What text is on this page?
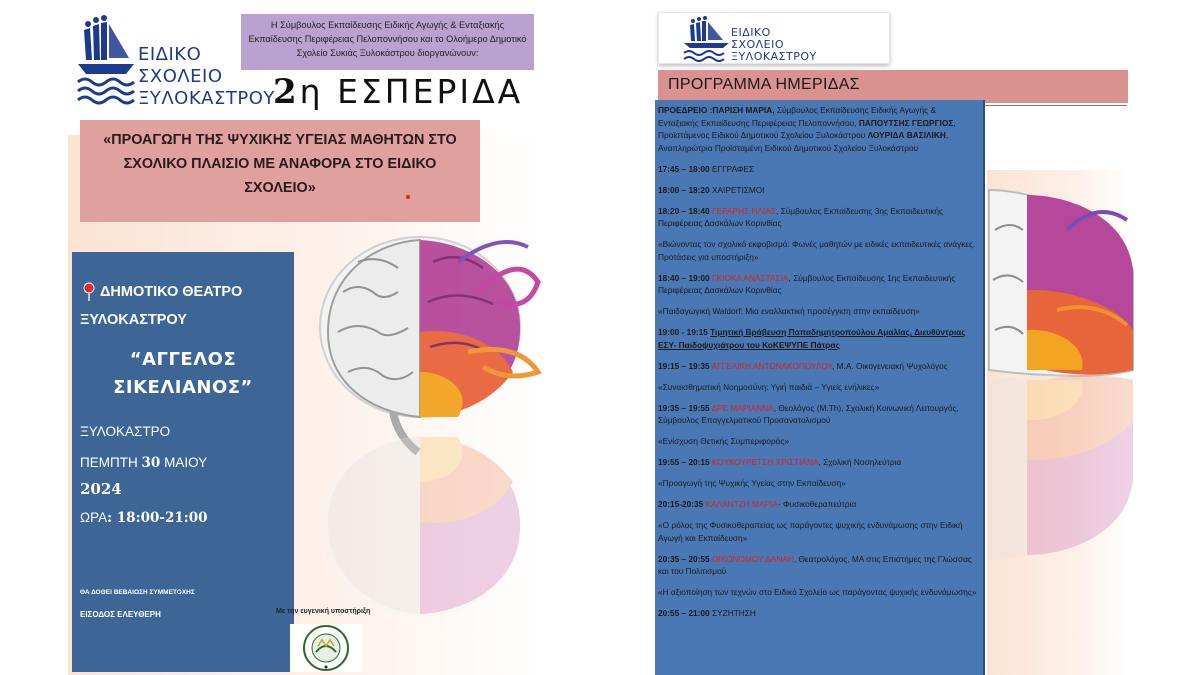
ΕΙΔΙΚΟ
ΣΧΟΛΕΙΟ
ΞΥΛΟΚΑΣΤΡΟΥ
Η Σύμβουλος Εκπαίδευσης Ειδικής Αγωγής & Ενταξιακής Εκπαίδευσης Περιφέρειας Πελοποννήσου και το Ολοήμερο Δημοτικό Σχολείο Συκιάς Ξυλοκάστρου διοργανώνουν:
2η ΕΣΠΕΡΙΔΑ
«ΠΡΟΑΓΩΓΗ ΤΗΣ ΨΥΧΙΚΗΣ ΥΓΕΙΑΣ ΜΑΘΗΤΩΝ ΣΤΟ ΣΧΟΛΙΚΟ ΠΛΑΙΣΙΟ ΜΕ ΑΝΑΦΟΡΑ ΣΤΟ ΕΙΔΙΚΟ ΣΧΟΛΕΙΟ»
ΔΗΜΟΤΙΚΟ ΘΕΑΤΡΟ
ΞΥΛΟΚΑΣΤΡΟΥ
“ΑΓΓΕΛΟΣ ΣΙΚΕΛΙΑΝΟΣ”
ΞΥΛΟΚΑΣΤΡΟ
ΠΕΜΠΤΗ 30 ΜΑΙΟΥ
2024
ΩΡΑ: 18:00-21:00
ΘΑ ΔΟΘΕΙ ΒΕΒΑΙΩΣΗ ΣΥΜΜΕΤΟΧΗΣ
ΕΙΣΟΔΟΣ ΕΛΕΥΘΕΡΗ	Με την ευγενική υποστήριξη
ΕΙΔΙΚΟ
ΣΧΟΛΕΙΟ
ΞΥΛΟΚΑΣΤΡΟΥ
ΠΡΟΓΡΑΜΜΑ ΗΜΕΡΙΔΑΣ

ΠΡΟΕΔΡΕΙΟ :ΠΑΡΙΣΗ ΜΑΡΙΑ, Σύμβουλος Εκπαίδευσης Ειδικής Αγωγής & Ενταξιακής Εκπαίδευσης Περιφέρειας Πελοποννήσου, ΠΑΠΟΥΤΣΗΣ ΓΕΩΡΓΙΟΣ, Προϊστάμενος Ειδικού Δημοτικού Σχολείου Ξυλοκάστρου ΛΟΥΡΙΔΑ ΒΑΣΙΛΙΚΗ, Αναπληρώτρια Προϊσταμένη Ειδικού Δημοτικού Σχολείου Ξυλοκάστρου

17:45 – 18:00 ΕΓΓΡΑΦΕΣ

18:00 – 18:20 ΧΑΙΡΕΤΙΣΜΟΙ

18:20 – 18:40 ΓΕΡΑΡΗΣ ΗΛΙΑΣ, Σύμβουλος Εκπαίδευσης 3ης Εκπαιδευτικής Περιφέρειας Δασκάλων Κορινθίας

«Βιώνοντας τον σχολικό εκφοβισμό: Φωνές μαθητών με ειδικές εκπαιδευτικές ανάγκες. Προτάσεις για υποστήριξη»

18:40 – 19:00 ΓΚΙΟΚΑ ΑΝΑΣΤΑΣΙΑ, Σύμβουλος Εκπαίδευσης 1ης Εκπαιδευτικής Περιφέρειας Δασκάλων Κορινθίας

«Παιδαγωγική Waldorf: Μια εναλλακτική προσέγγιση στην εκπαίδευση»

19:00 - 19:15 Τιμητική Βράβευση Παπαδημητροπούλου Αμαλίας, Διευθύντριας ΕΣΥ- Παιδοψυχιάτρου του ΚοΚΕΨΥΠΕ Πάτρας

19:15 – 19:35 ΑΓΓΕΛΙΚΗ ΑΝΤΩΝΑΚΟΠΟΥΛΟΥ, M.A. Οικογενειακή Ψυχολόγος

«Συναισθηματική Νοημοσύνη: Υγιή παιδιά – Υγιείς ενήλικες»

19:35 – 19:55 ΔΡΕ ΜΑΡΙΑΝΝΑ, Θεολόγος (M.Th), Σχολική Κοινωνική Λειτουργός, Σύμβουλος Επαγγελματικού Προσανατολισμού

«Ενίσχυση Θετικής Συμπεριφοράς»

19:55 – 20:15 ΚΟΥΚΟΥΡΕΤΣΗ ΧΡΙΣΤΙΑΝΑ, Σχολική Νοσηλεύτρια

«Προαγωγή της Ψυχικής Υγείας στην Εκπαίδευση»

20:15-20:35 ΚΑΛΑΝΤΖΗ ΜΑΡΙΑ- Φυσικοθεραπεύτρια

«Ο ρόλος της Φυσικοθεραπείας ως παράγοντες ψυχικής ενδυνάμωσης στην Ειδική Αγωγή και Εκπαίδευση»

20:35 – 20:55 ΟΙΚΟΝΟΜΟΥ ΔΑΝΑΗ, Θεατρολόγος, ΜΑ στις Επιστήμες της Γλώσσας και του Πολιτισμού

«Η αξιοποίηση των τεχνών στο Ειδικό Σχολείο ως παράγοντας ψυχικής ενδυνάμωσης»

20:55 – 21:00 ΣΥΖΗΤΗΣΗ
